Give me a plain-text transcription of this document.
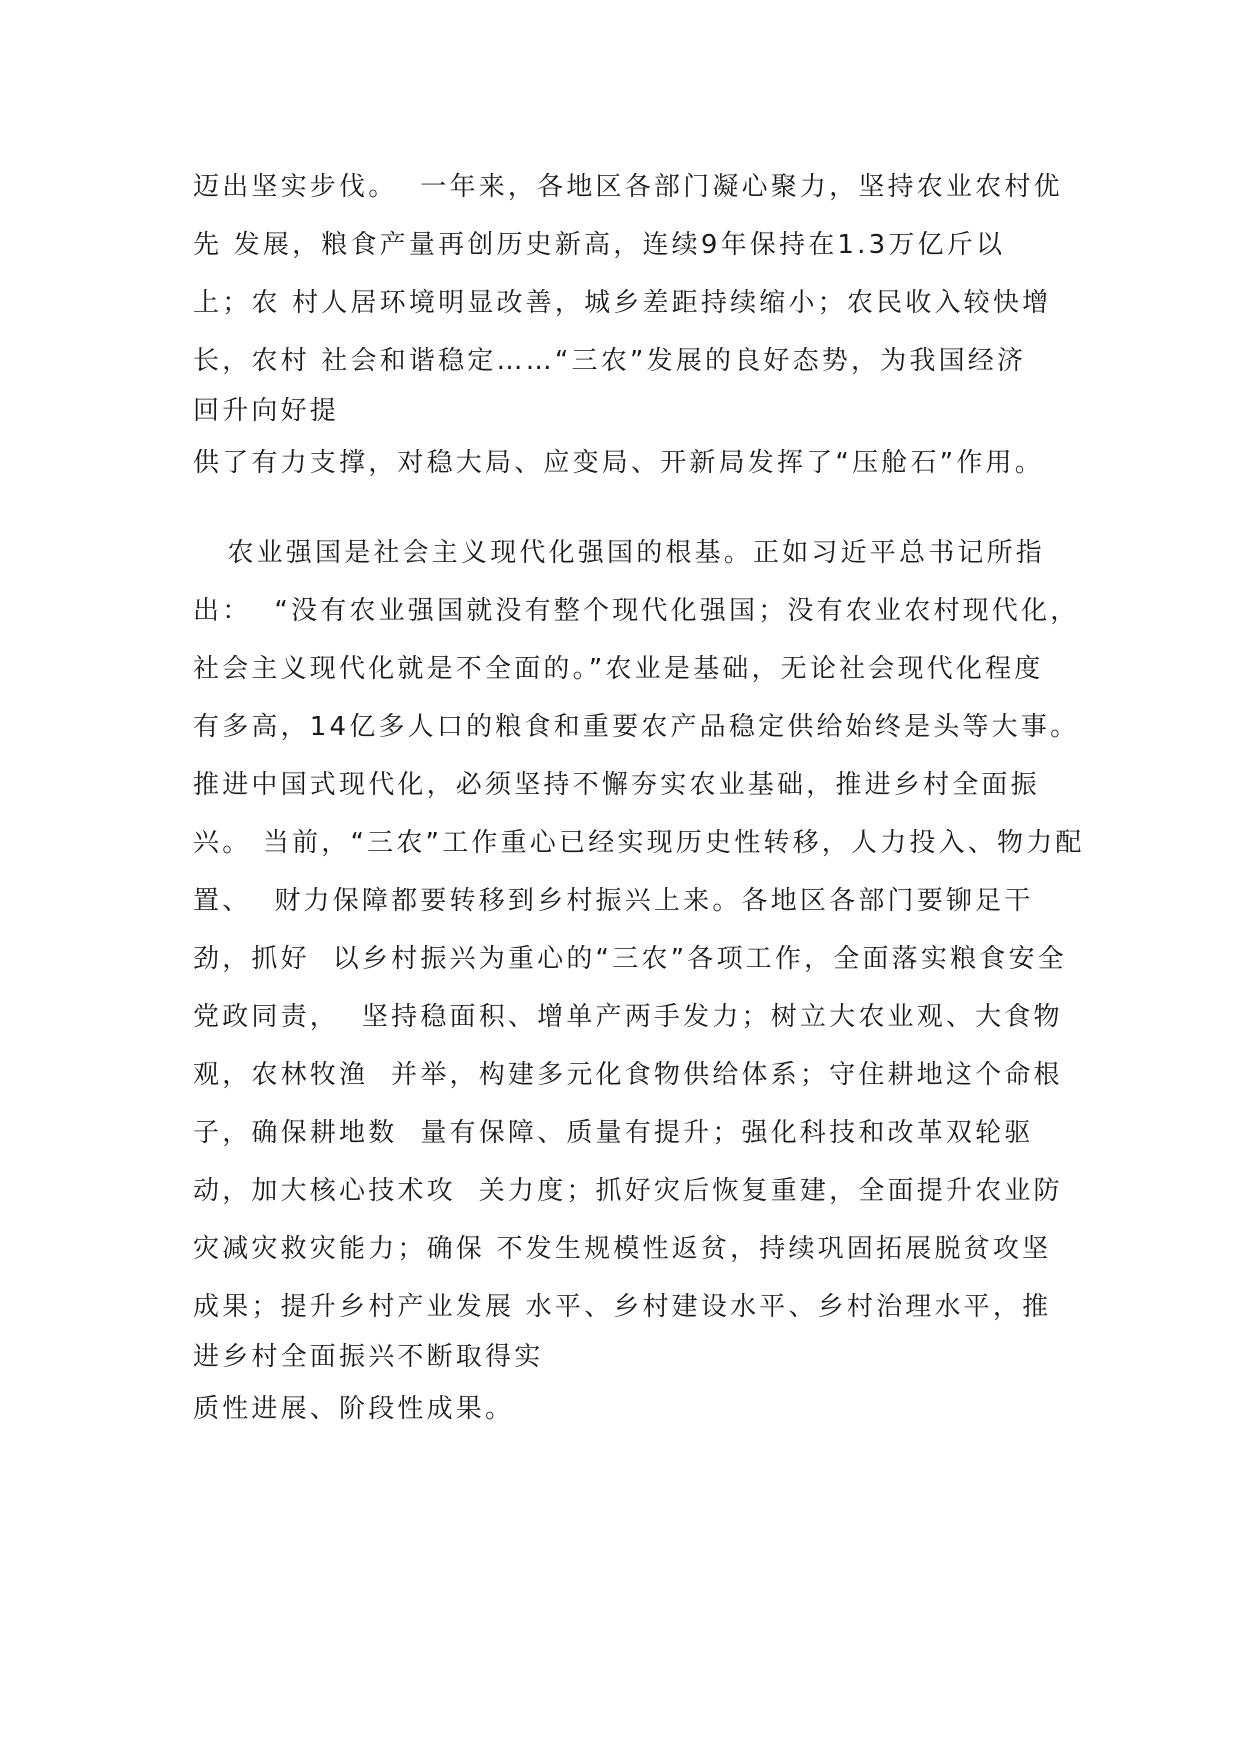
迈出坚实步伐。  一年来，各地区各部门凝心聚力，坚持农业农村优
先 发展，粮食产量再创历史新高，连续9年保持在1.3万亿斤以
上；农 村人居环境明显改善，城乡差距持续缩小；农民收入较快增
长，农村 社会和谐稳定……“三农”发展的良好态势，为我国经济
回升向好提
供了有力支撑，对稳大局、应变局、开新局发挥了“压舱石”作用。
农业强国是社会主义现代化强国的根基。正如习近平总书记所指
出：  “没有农业强国就没有整个现代化强国；没有农业农村现代化，
社会主义现代化就是不全面的。”农业是基础，无论社会现代化程度
有多高，14亿多人口的粮食和重要农产品稳定供给始终是头等大事。
推进中国式现代化，必须坚持不懈夯实农业基础，推进乡村全面振
兴。 当前，“三农”工作重心已经实现历史性转移，人力投入、物力配
置、  财力保障都要转移到乡村振兴上来。各地区各部门要铆足干
劲，抓好  以乡村振兴为重心的“三农”各项工作，全面落实粮食安全
党政同责，  坚持稳面积、增单产两手发力；树立大农业观、大食物
观，农林牧渔  并举，构建多元化食物供给体系；守住耕地这个命根
子，确保耕地数  量有保障、质量有提升；强化科技和改革双轮驱
动，加大核心技术攻  关力度；抓好灾后恢复重建，全面提升农业防
灾减灾救灾能力；确保 不发生规模性返贫，持续巩固拓展脱贫攻坚
成果；提升乡村产业发展 水平、乡村建设水平、乡村治理水平，推
进乡村全面振兴不断取得实
质性进展、阶段性成果。
